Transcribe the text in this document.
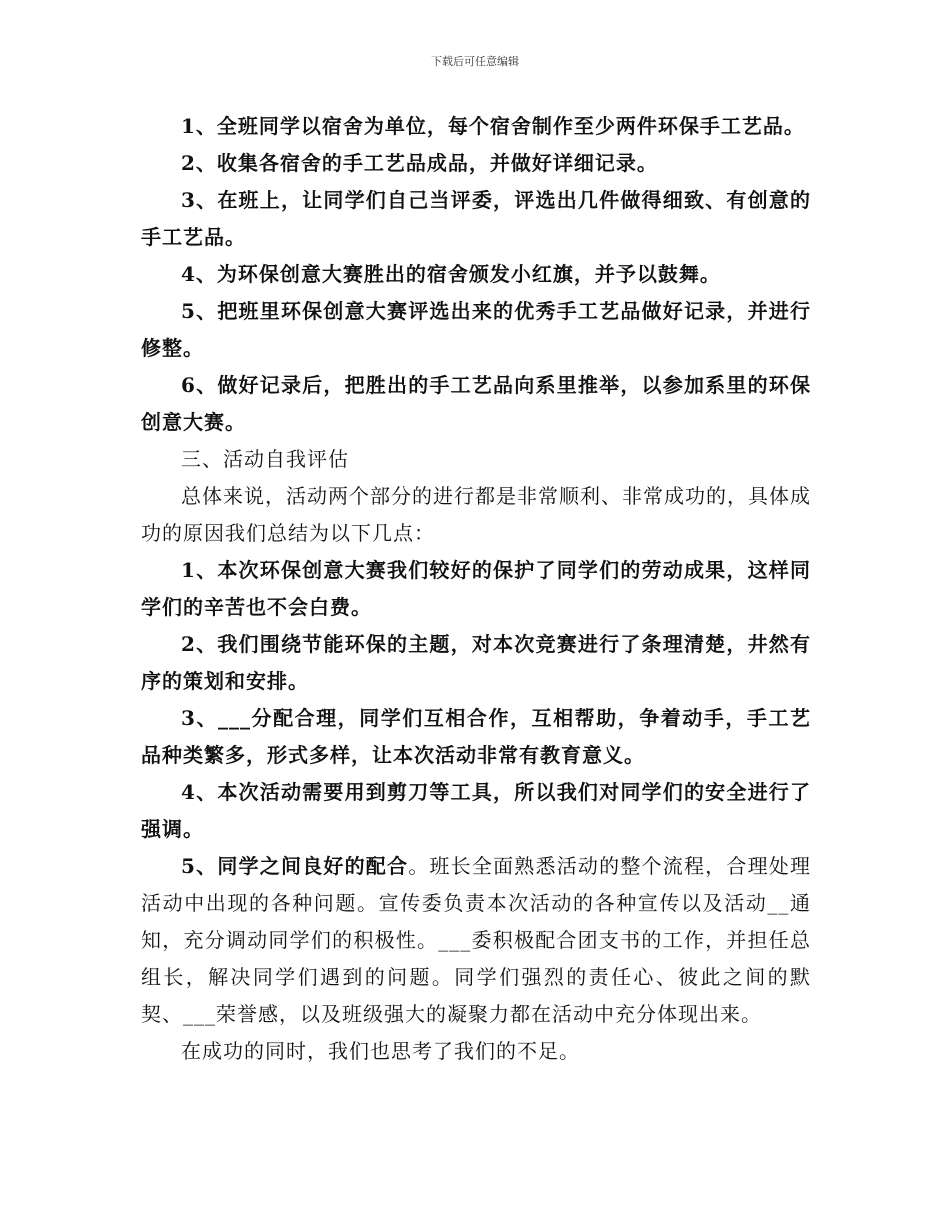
下载后可任意编辑

1、全班同学以宿舍为单位，每个宿舍制作至少两件环保手工艺品。

2、收集各宿舍的手工艺品成品，并做好详细记录。

3、在班上，让同学们自己当评委，评选出几件做得细致、有创意的手工艺品。

4、为环保创意大赛胜出的宿舍颁发小红旗，并予以鼓舞。

5、把班里环保创意大赛评选出来的优秀手工艺品做好记录，并进行修整。

6、做好记录后，把胜出的手工艺品向系里推举，以参加系里的环保创意大赛。

三、活动自我评估

总体来说，活动两个部分的进行都是非常顺利、非常成功的，具体成功的原因我们总结为以下几点：

1、本次环保创意大赛我们较好的保护了同学们的劳动成果，这样同学们的辛苦也不会白费。

2、我们围绕节能环保的主题，对本次竞赛进行了条理清楚，井然有序的策划和安排。

3、___分配合理，同学们互相合作，互相帮助，争着动手，手工艺品种类繁多，形式多样，让本次活动非常有教育意义。

4、本次活动需要用到剪刀等工具，所以我们对同学们的安全进行了强调。

5、同学之间良好的配合。班长全面熟悉活动的整个流程，合理处理活动中出现的各种问题。宣传委负责本次活动的各种宣传以及活动__通知，充分调动同学们的积极性。___委积极配合团支书的工作，并担任总组长，解决同学们遇到的问题。同学们强烈的责任心、彼此之间的默契、___荣誉感，以及班级强大的凝聚力都在活动中充分体现出来。

在成功的同时，我们也思考了我们的不足。
